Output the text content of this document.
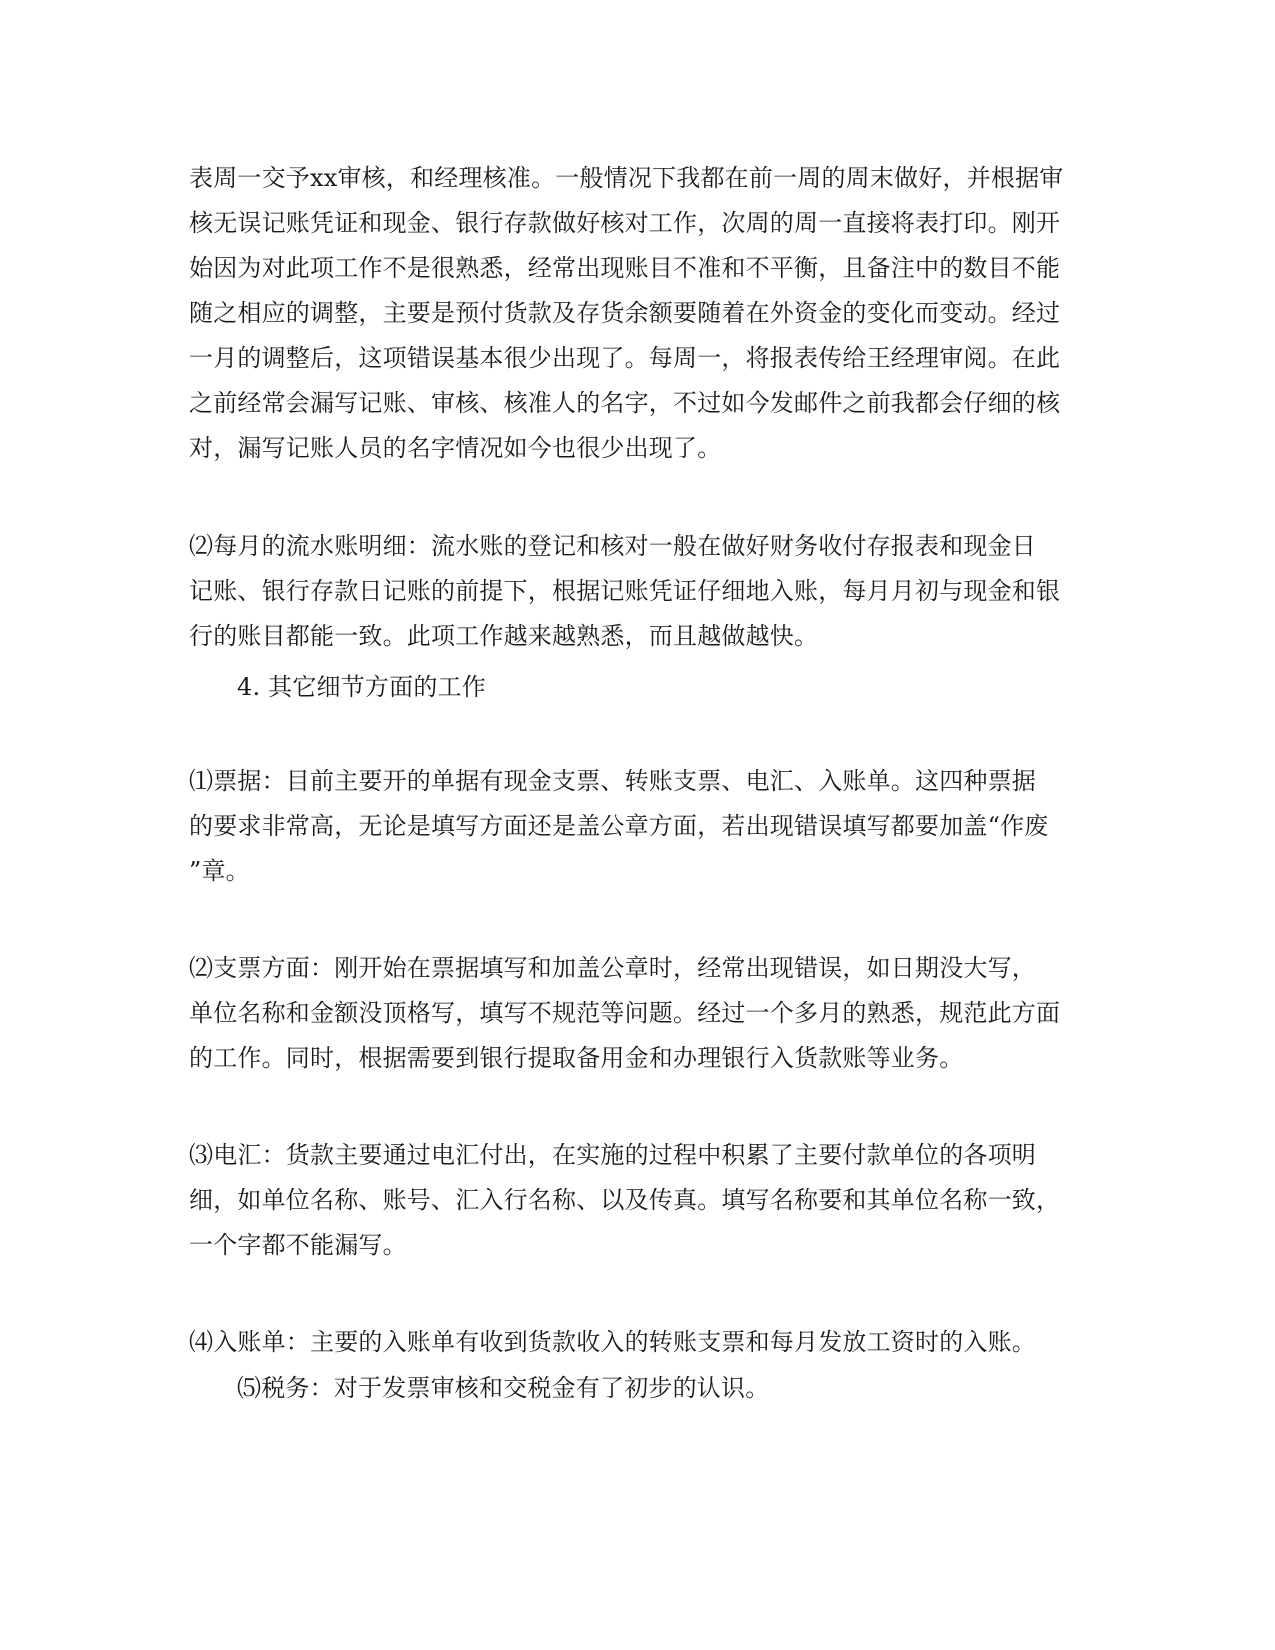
表周一交予xx审核，和经理核准。一般情况下我都在前一周的周末做好，并根据审
核无误记账凭证和现金、银行存款做好核对工作，次周的周一直接将表打印。刚开
始因为对此项工作不是很熟悉，经常出现账目不准和不平衡，且备注中的数目不能
随之相应的调整，主要是预付货款及存货余额要随着在外资金的变化而变动。经过
一月的调整后，这项错误基本很少出现了。每周一，将报表传给王经理审阅。在此
之前经常会漏写记账、审核、核准人的名字，不过如今发邮件之前我都会仔细的核
对，漏写记账人员的名字情况如今也很少出现了。
⑵每月的流水账明细：流水账的登记和核对一般在做好财务收付存报表和现金日
记账、银行存款日记账的前提下，根据记账凭证仔细地入账，每月月初与现金和银
行的账目都能一致。此项工作越来越熟悉，而且越做越快。
4. 其它细节方面的工作
⑴票据：目前主要开的单据有现金支票、转账支票、电汇、入账单。这四种票据
的要求非常高，无论是填写方面还是盖公章方面，若出现错误填写都要加盖“作废
”章。
⑵支票方面：刚开始在票据填写和加盖公章时，经常出现错误，如日期没大写，
单位名称和金额没顶格写，填写不规范等问题。经过一个多月的熟悉，规范此方面
的工作。同时，根据需要到银行提取备用金和办理银行入货款账等业务。
⑶电汇：货款主要通过电汇付出，在实施的过程中积累了主要付款单位的各项明
细，如单位名称、账号、汇入行名称、以及传真。填写名称要和其单位名称一致，
一个字都不能漏写。
⑷入账单：主要的入账单有收到货款收入的转账支票和每月发放工资时的入账。
⑸税务：对于发票审核和交税金有了初步的认识。
